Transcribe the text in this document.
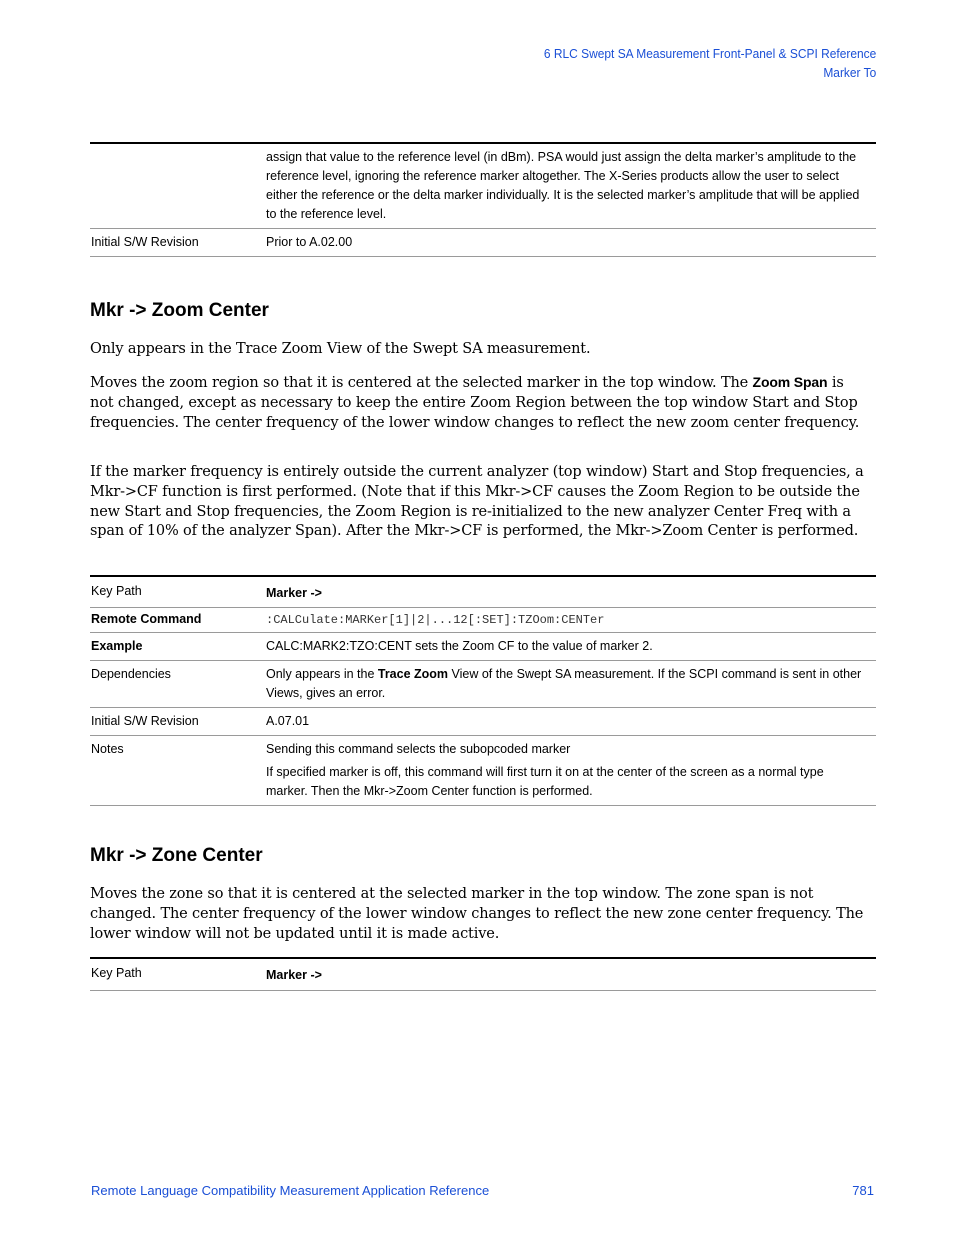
6 RLC Swept SA Measurement Front-Panel & SCPI Reference
Marker To
	assign that value to the reference level (in dBm). PSA would just assign the delta marker’s amplitude to the reference level, ignoring the reference marker altogether. The X-Series products allow the user to select either the reference or the delta marker individually. It is the selected marker’s amplitude that will be applied to the reference level.
Initial S/W Revision	Prior to A.02.00
Mkr -> Zoom Center

Only appears in the Trace Zoom View of the Swept SA measurement.

Moves the zoom region so that it is centered at the selected marker in the top window. The Zoom Span is not changed, except as necessary to keep the entire Zoom Region between the top window Start and Stop frequencies. The center frequency of the lower window changes to reflect the new zoom center frequency.

If the marker frequency is entirely outside the current analyzer (top window) Start and Stop frequencies, a Mkr->CF function is first performed. (Note that if this Mkr->CF causes the Zoom Region to be outside the new Start and Stop frequencies, the Zoom Region is re-initialized to the new analyzer Center Freq with a span of 10% of the analyzer Span). After the Mkr->CF is performed, the Mkr->Zoom Center is performed.

Key Path	Marker ->
Remote Command	:CALCulate:MARKer[1]|2|...12[:SET]:TZOom:CENTer
Example	CALC:MARK2:TZO:CENT sets the Zoom CF to the value of marker 2.
Dependencies	Only appears in the Trace Zoom View of the Swept SA measurement. If the SCPI command is sent in other Views, gives an error.
Initial S/W Revision	A.07.01
Notes	Sending this command selects the subopcoded marker

If specified marker is off, this command will first turn it on at the center of the screen as a normal type marker. Then the Mkr->Zoom Center function is performed.

Mkr -> Zone Center

Moves the zone so that it is centered at the selected marker in the top window. The zone span is not changed. The center frequency of the lower window changes to reflect the new zone center frequency. The lower window will not be updated until it is made active.

Key Path	Marker ->
Remote Language Compatibility Measurement Application Reference	781
